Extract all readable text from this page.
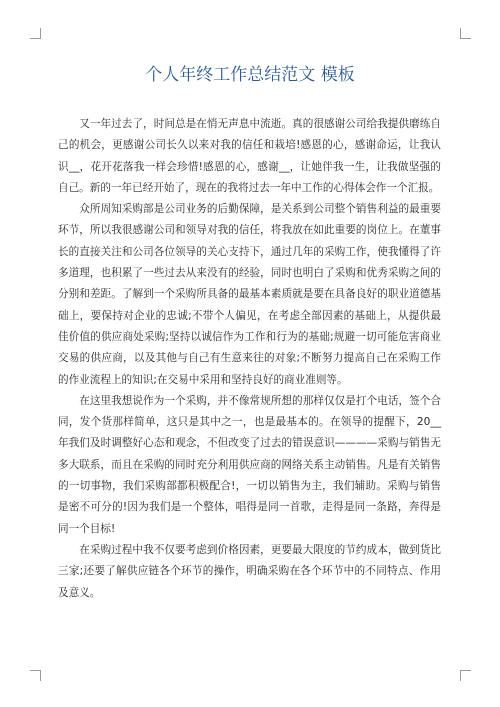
个人年终工作总结范文 模板

又一年过去了，时间总是在悄无声息中流逝。真的很感谢公司给我提供磨练自己的机会，更感谢公司长久以来对我的信任和栽培!感恩的心，感谢命运，让我认识__，花开花落我一样会珍惜!感恩的心，感谢__，让她伴我一生，让我做坚强的自己。新的一年已经开始了，现在的我将过去一年中工作的心得体会作一个汇报。

众所周知采购部是公司业务的后勤保障，是关系到公司整个销售利益的最重要环节，所以我很感谢公司和领导对我的信任，将我放在如此重要的岗位上。在董事长的直接关注和公司各位领导的关心支持下，通过几年的采购工作，使我懂得了许多道理，也积累了一些过去从来没有的经验，同时也明白了采购和优秀采购之间的分别和差距。了解到一个采购所具备的最基本素质就是要在具备良好的职业道德基础上，要保持对企业的忠诚;不带个人偏见，在考虑全部因素的基础上，从提供最佳价值的供应商处采购;坚持以诚信作为工作和行为的基础;规避一切可能危害商业交易的供应商，以及其他与自己有生意来往的对象;不断努力提高自己在采购工作的作业流程上的知识;在交易中采用和坚持良好的商业准则等。

在这里我想说作为一个采购，并不像常规所想的那样仅仅是打个电话，签个合同，发个货那样简单，这只是其中之一，也是最基本的。在领导的提醒下，20__年我们及时调整好心态和观念，不但改变了过去的错误意识————采购与销售无多大联系，而且在采购的同时充分利用供应商的网络关系主动销售。凡是有关销售的一切事物，我们采购部都积极配合!，一切以销售为主，我们辅助。采购与销售是密不可分的!因为我们是一个整体，唱得是同一首歌，走得是同一条路，奔得是同一个目标!

在采购过程中我不仅要考虑到价格因素，更要最大限度的节约成本，做到货比三家;还要了解供应链各个环节的操作，明确采购在各个环节中的不同特点、作用及意义。
